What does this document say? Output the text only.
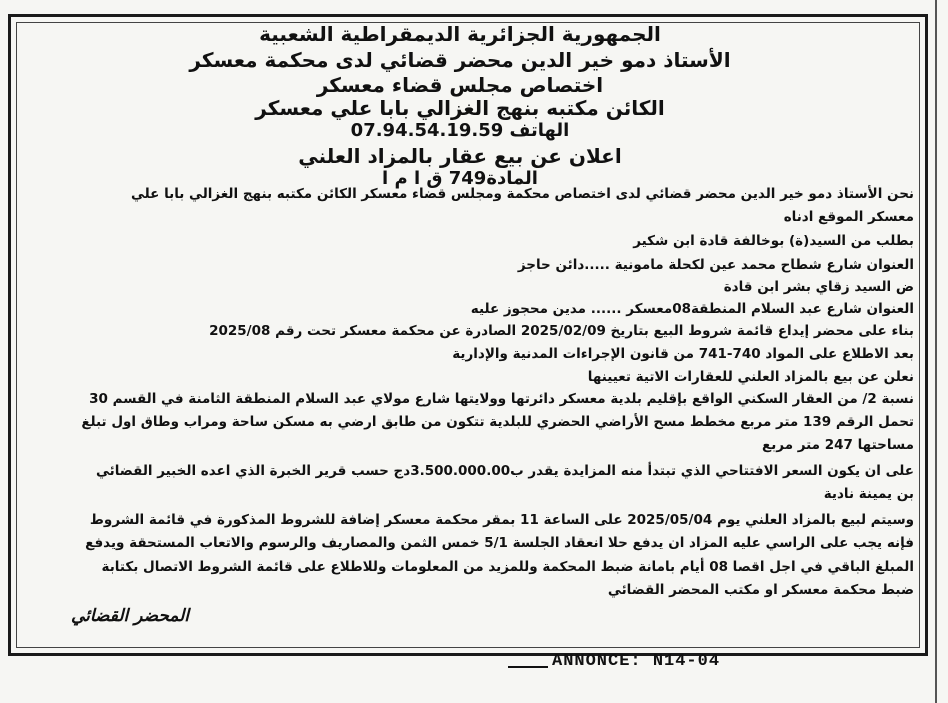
الجمهورية الجزائرية الديمقراطية الشعبية
الأستاذ دمو خير الدين محضر قضائي لدى محكمة معسكر
اختصاص مجلس قضاء معسكر
الكائن مكتبه بنهج الغزالي بابا علي معسكر
الهاتف 07.94.54.19.59
اعلان عن بيع عقار بالمزاد العلني
المادة749 ق ا م ا
نحن الأستاذ دمو خير الدين محضر قضائي لدى اختصاص محكمة ومجلس قضاء معسكر الكائن مكتبه بنهج الغزالي بابا علي
معسكر الموقع ادناه
بطلب من السيد(ة) بوخالفة قادة ابن شكير
العنوان شارع شطاح محمد عين لكحلة مامونية .....دائن حاجز
ض السيد زقاي بشر ابن قادة
العنوان شارع عبد السلام المنطقة08معسكر ...... مدين محجوز عليه
بناء على محضر إيداع قائمة شروط البيع بتاريخ 2025/02/09 الصادرة عن محكمة معسكر تحت رقم 2025/08
بعد الاطلاع على المواد 740-741 من قانون الإجراءات المدنية والإدارية
نعلن عن بيع بالمزاد العلني للعقارات الاتية تعيينها
نسبة 2/ من العقار السكني الواقع بإقليم بلدية معسكر دائرتها وولايتها شارع مولاي عبد السلام المنطقة الثامنة في القسم 30
تحمل الرقم 139 متر مربع مخطط مسح الأراضي الحضري للبلدية تتكون من طابق ارضي به مسكن ساحة ومراب وطاق اول تبلغ
مساحتها 247 متر مربع
على ان يكون السعر الافتتاحي الذي تبتدأ منه المزايدة يقدر ب3.500.000.00دج حسب قرير الخبرة الذي اعده الخبير القضائي
بن يمينة نادية
وسيتم لبيع بالمزاد العلني يوم 2025/05/04 على الساعة 11 بمقر محكمة معسكر إضافة للشروط المذكورة في قائمة الشروط
فإنه يجب على الراسي عليه المزاد ان يدفع حلا انعقاد الجلسة 5/1 خمس الثمن والمصاريف والرسوم والاتعاب المستحقة ويدفع
المبلغ الباقي في اجل اقصا 08 أيام بامانة ضبط المحكمة وللمزيد من المعلومات وللاطلاع على قائمة الشروط الاتصال بكتابة
ضبط محكمة معسكر او مكتب المحضر القضائي
المحضر القضائي
ANNONCE: N14-04
